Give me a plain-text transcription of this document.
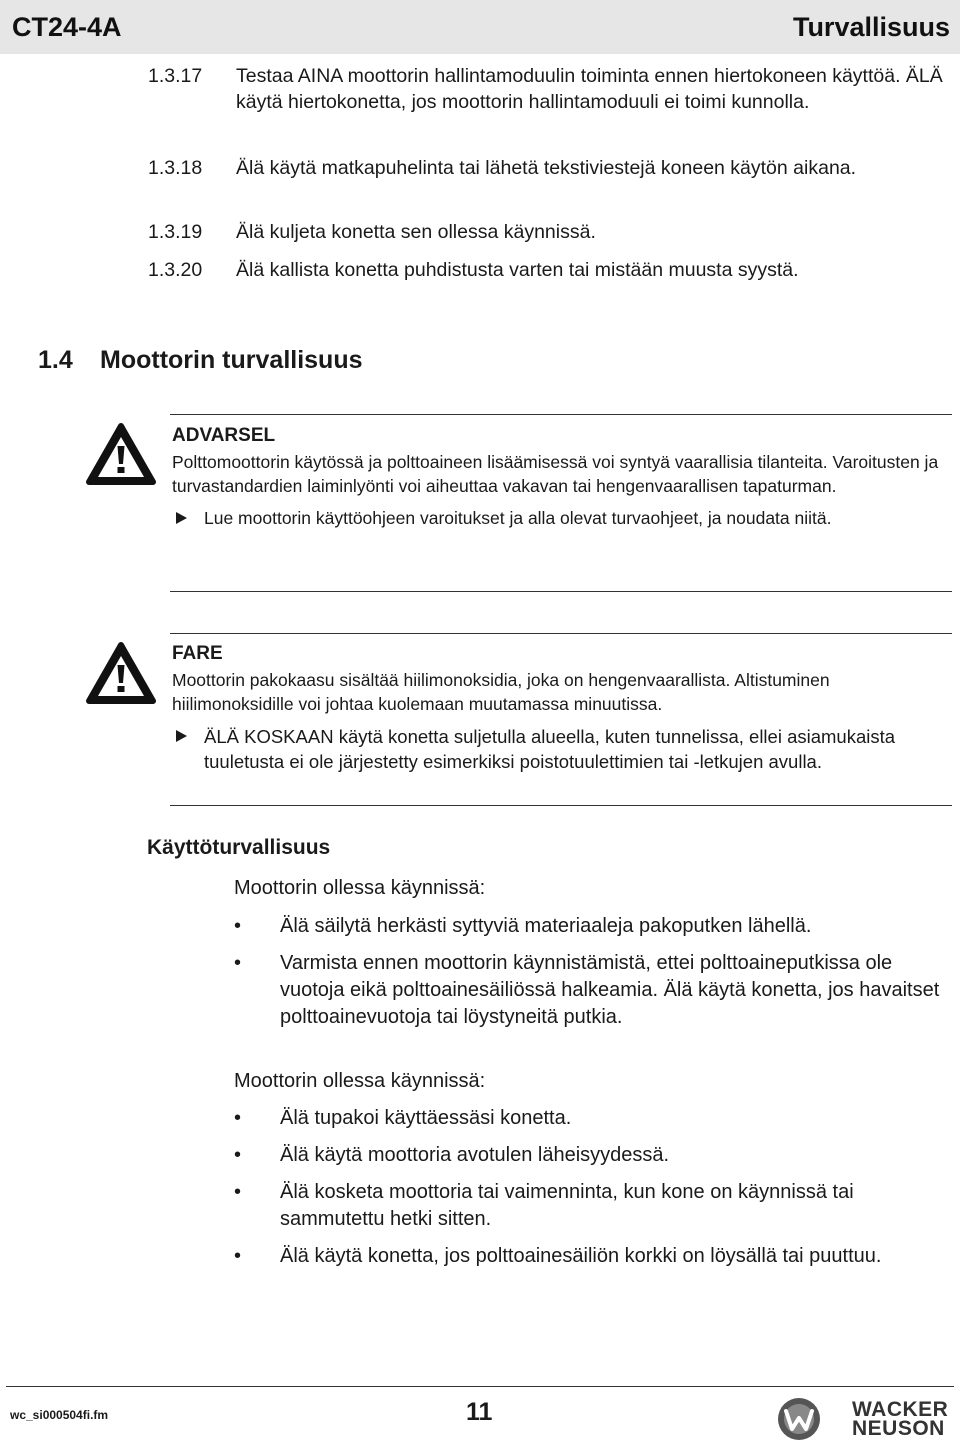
CT24-4A	Turvallisuus
1.3.17	Testaa AINA moottorin hallintamoduulin toiminta ennen hiertokoneen käyttöä. ÄLÄ käytä hiertokonetta, jos moottorin hallintamoduuli ei toimi kunnolla.
1.3.18	Älä käytä matkapuhelinta tai lähetä tekstiviestejä koneen käytön aikana.
1.3.19	Älä kuljeta konetta sen ollessa käynnissä.
1.3.20	Älä kallista konetta puhdistusta varten tai mistään muusta syystä.
1.4 Moottorin turvallisuus
ADVARSEL
Polttomoottorin käytössä ja polttoaineen lisäämisessä voi syntyä vaarallisia tilanteita. Varoitusten ja turvastandardien laiminlyönti voi aiheuttaa vakavan tai hengenvaarallisen tapaturman.
Lue moottorin käyttöohjeen varoitukset ja alla olevat turvaohjeet, ja noudata niitä.
FARE
Moottorin pakokaasu sisältää hiilimonoksidia, joka on hengenvaarallista. Altistuminen hiilimonoksidille voi johtaa kuolemaan muutamassa minuutissa.
ÄLÄ KOSKAAN käytä konetta suljetulla alueella, kuten tunnelissa, ellei asiamukaista tuuletusta ei ole järjestetty esimerkiksi poistotuulettimien tai -letkujen avulla.
Käyttöturvallisuus
Moottorin ollessa käynnissä:
• Älä säilytä herkästi syttyviä materiaaleja pakoputken lähellä.
• Varmista ennen moottorin käynnistämistä, ettei polttoaineputkissa ole vuotoja eikä polttoainesäiliössä halkeamia. Älä käytä konetta, jos havaitset polttoainevuotoja tai löystyneitä putkia.
Moottorin ollessa käynnissä:
• Älä tupakoi käyttäessäsi konetta.
• Älä käytä moottoria avotulen läheisyydessä.
• Älä kosketa moottoria tai vaimenninta, kun kone on käynnissä tai sammutettu hetki sitten.
• Älä käytä konetta, jos polttoainesäiliön korkki on löysällä tai puuttuu.
wc_si000504fi.fm	11	WACKER
NEUSON
